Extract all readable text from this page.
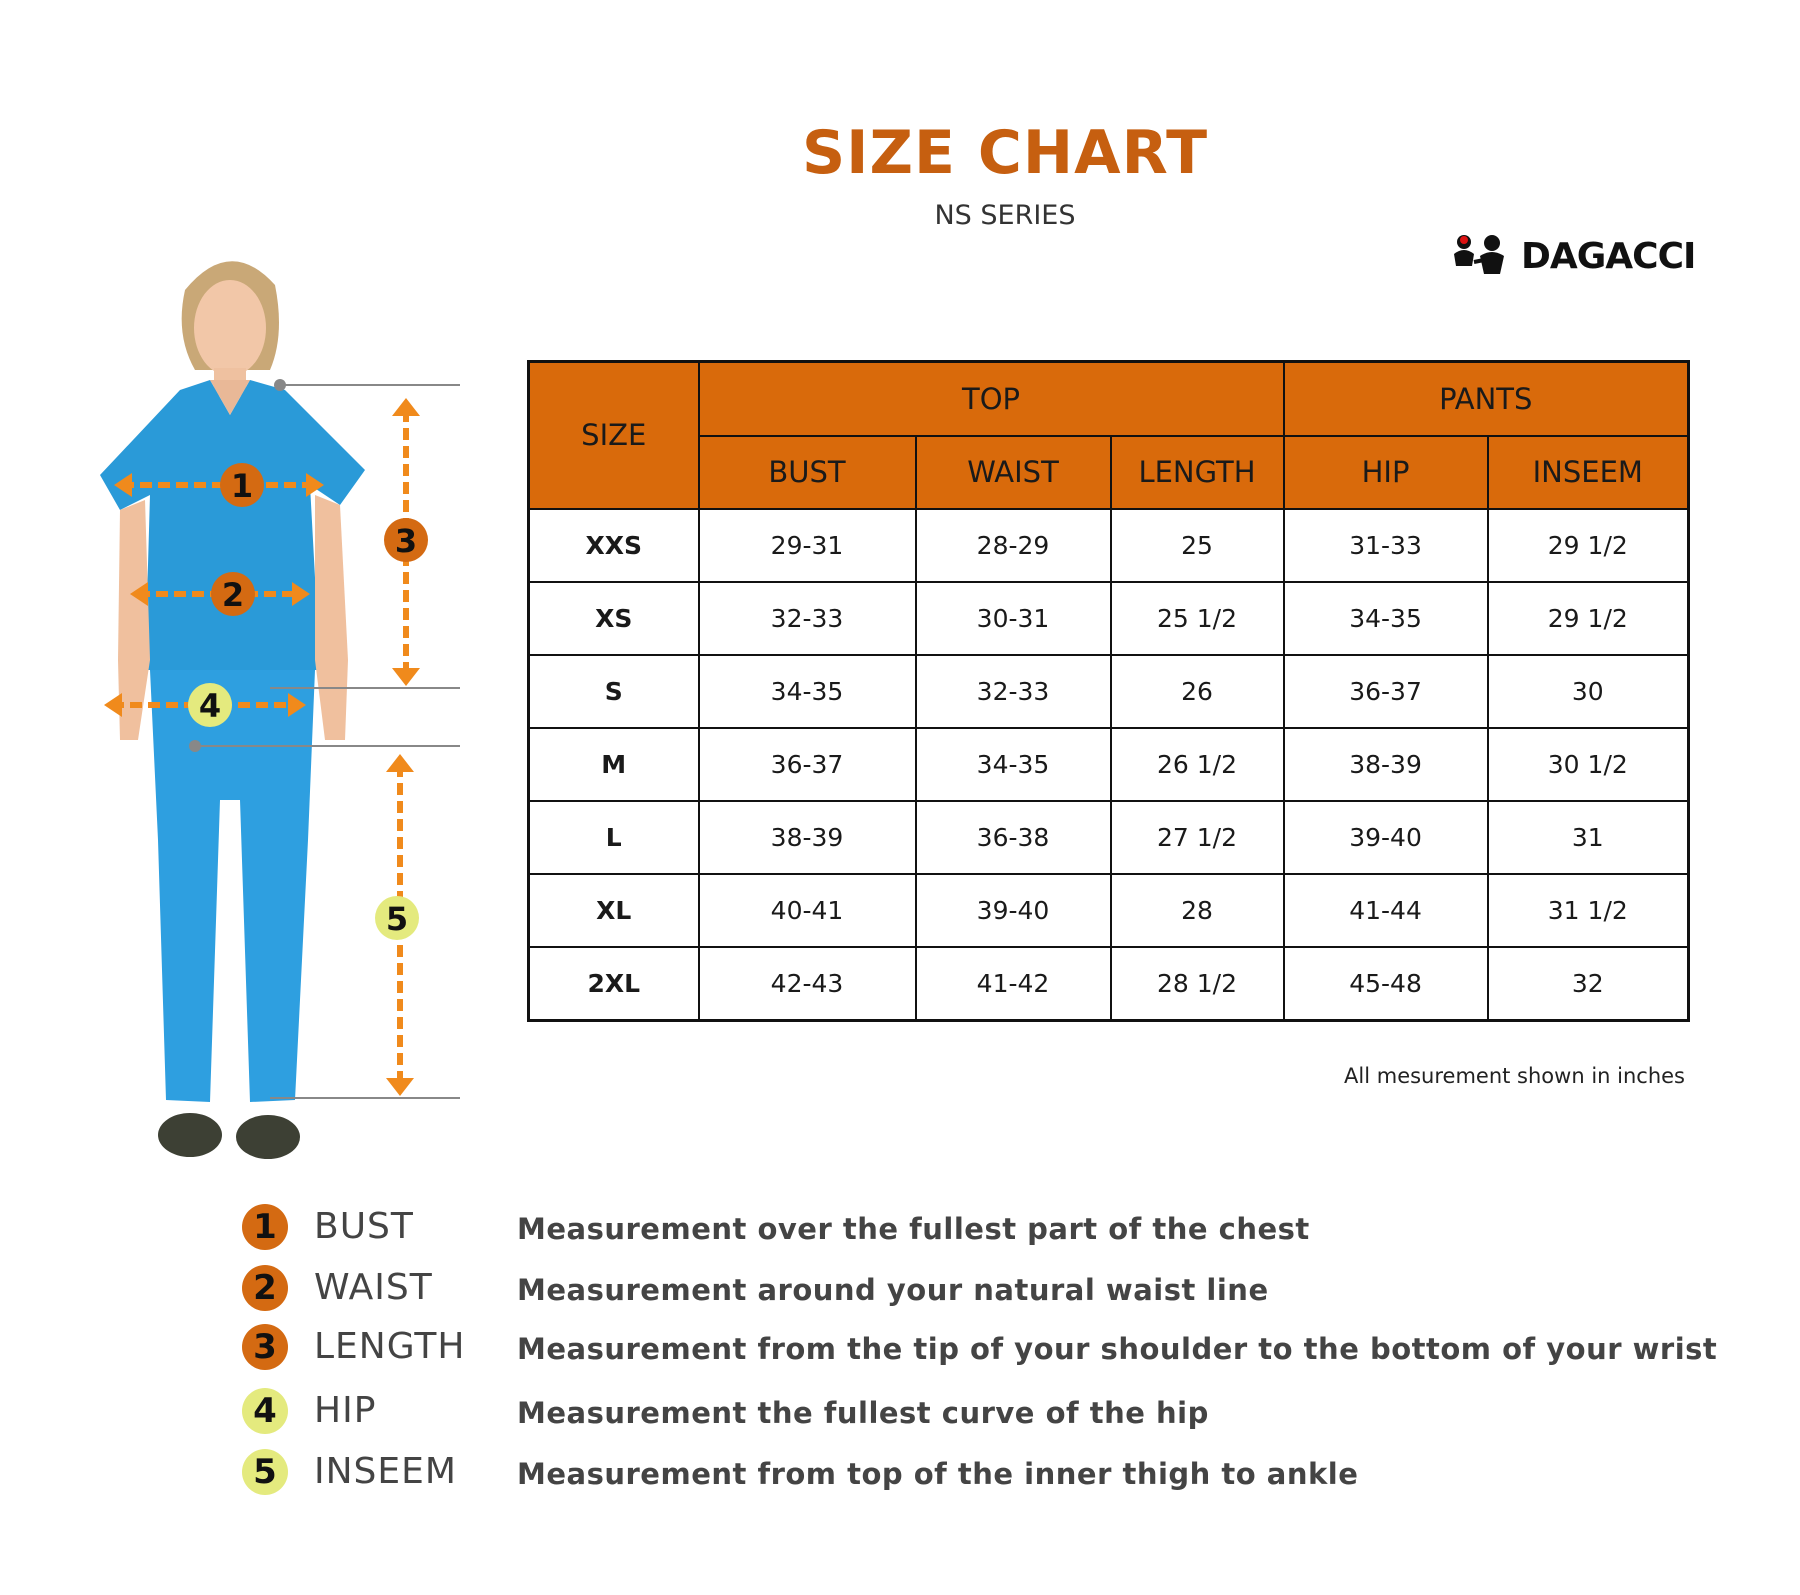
SIZE CHART
NS SERIES
DAGACCI
1
2
3
4
5
SIZE	TOP			PANTS	
	BUST	WAIST	LENGTH	HIP	INSEEM
XXS	29-31	28-29	25	31-33	29 1/2
XS	32-33	30-31	25 1/2	34-35	29 1/2
S	34-35	32-33	26	36-37	30
M	36-37	34-35	26 1/2	38-39	30 1/2
L	38-39	36-38	27 1/2	39-40	31
XL	40-41	39-40	28	41-44	31 1/2
2XL	42-43	41-42	28 1/2	45-48	32
All mesurement shown in inches
1	BUST	Measurement over the fullest part of the chest
2	WAIST	Measurement around your natural waist line
3	LENGTH Measurement from the tip of your shoulder to the bottom of your wrist
4	HIP	Measurement the fullest curve of the hip
5	INSEEM Measurement from top of the inner thigh to ankle
